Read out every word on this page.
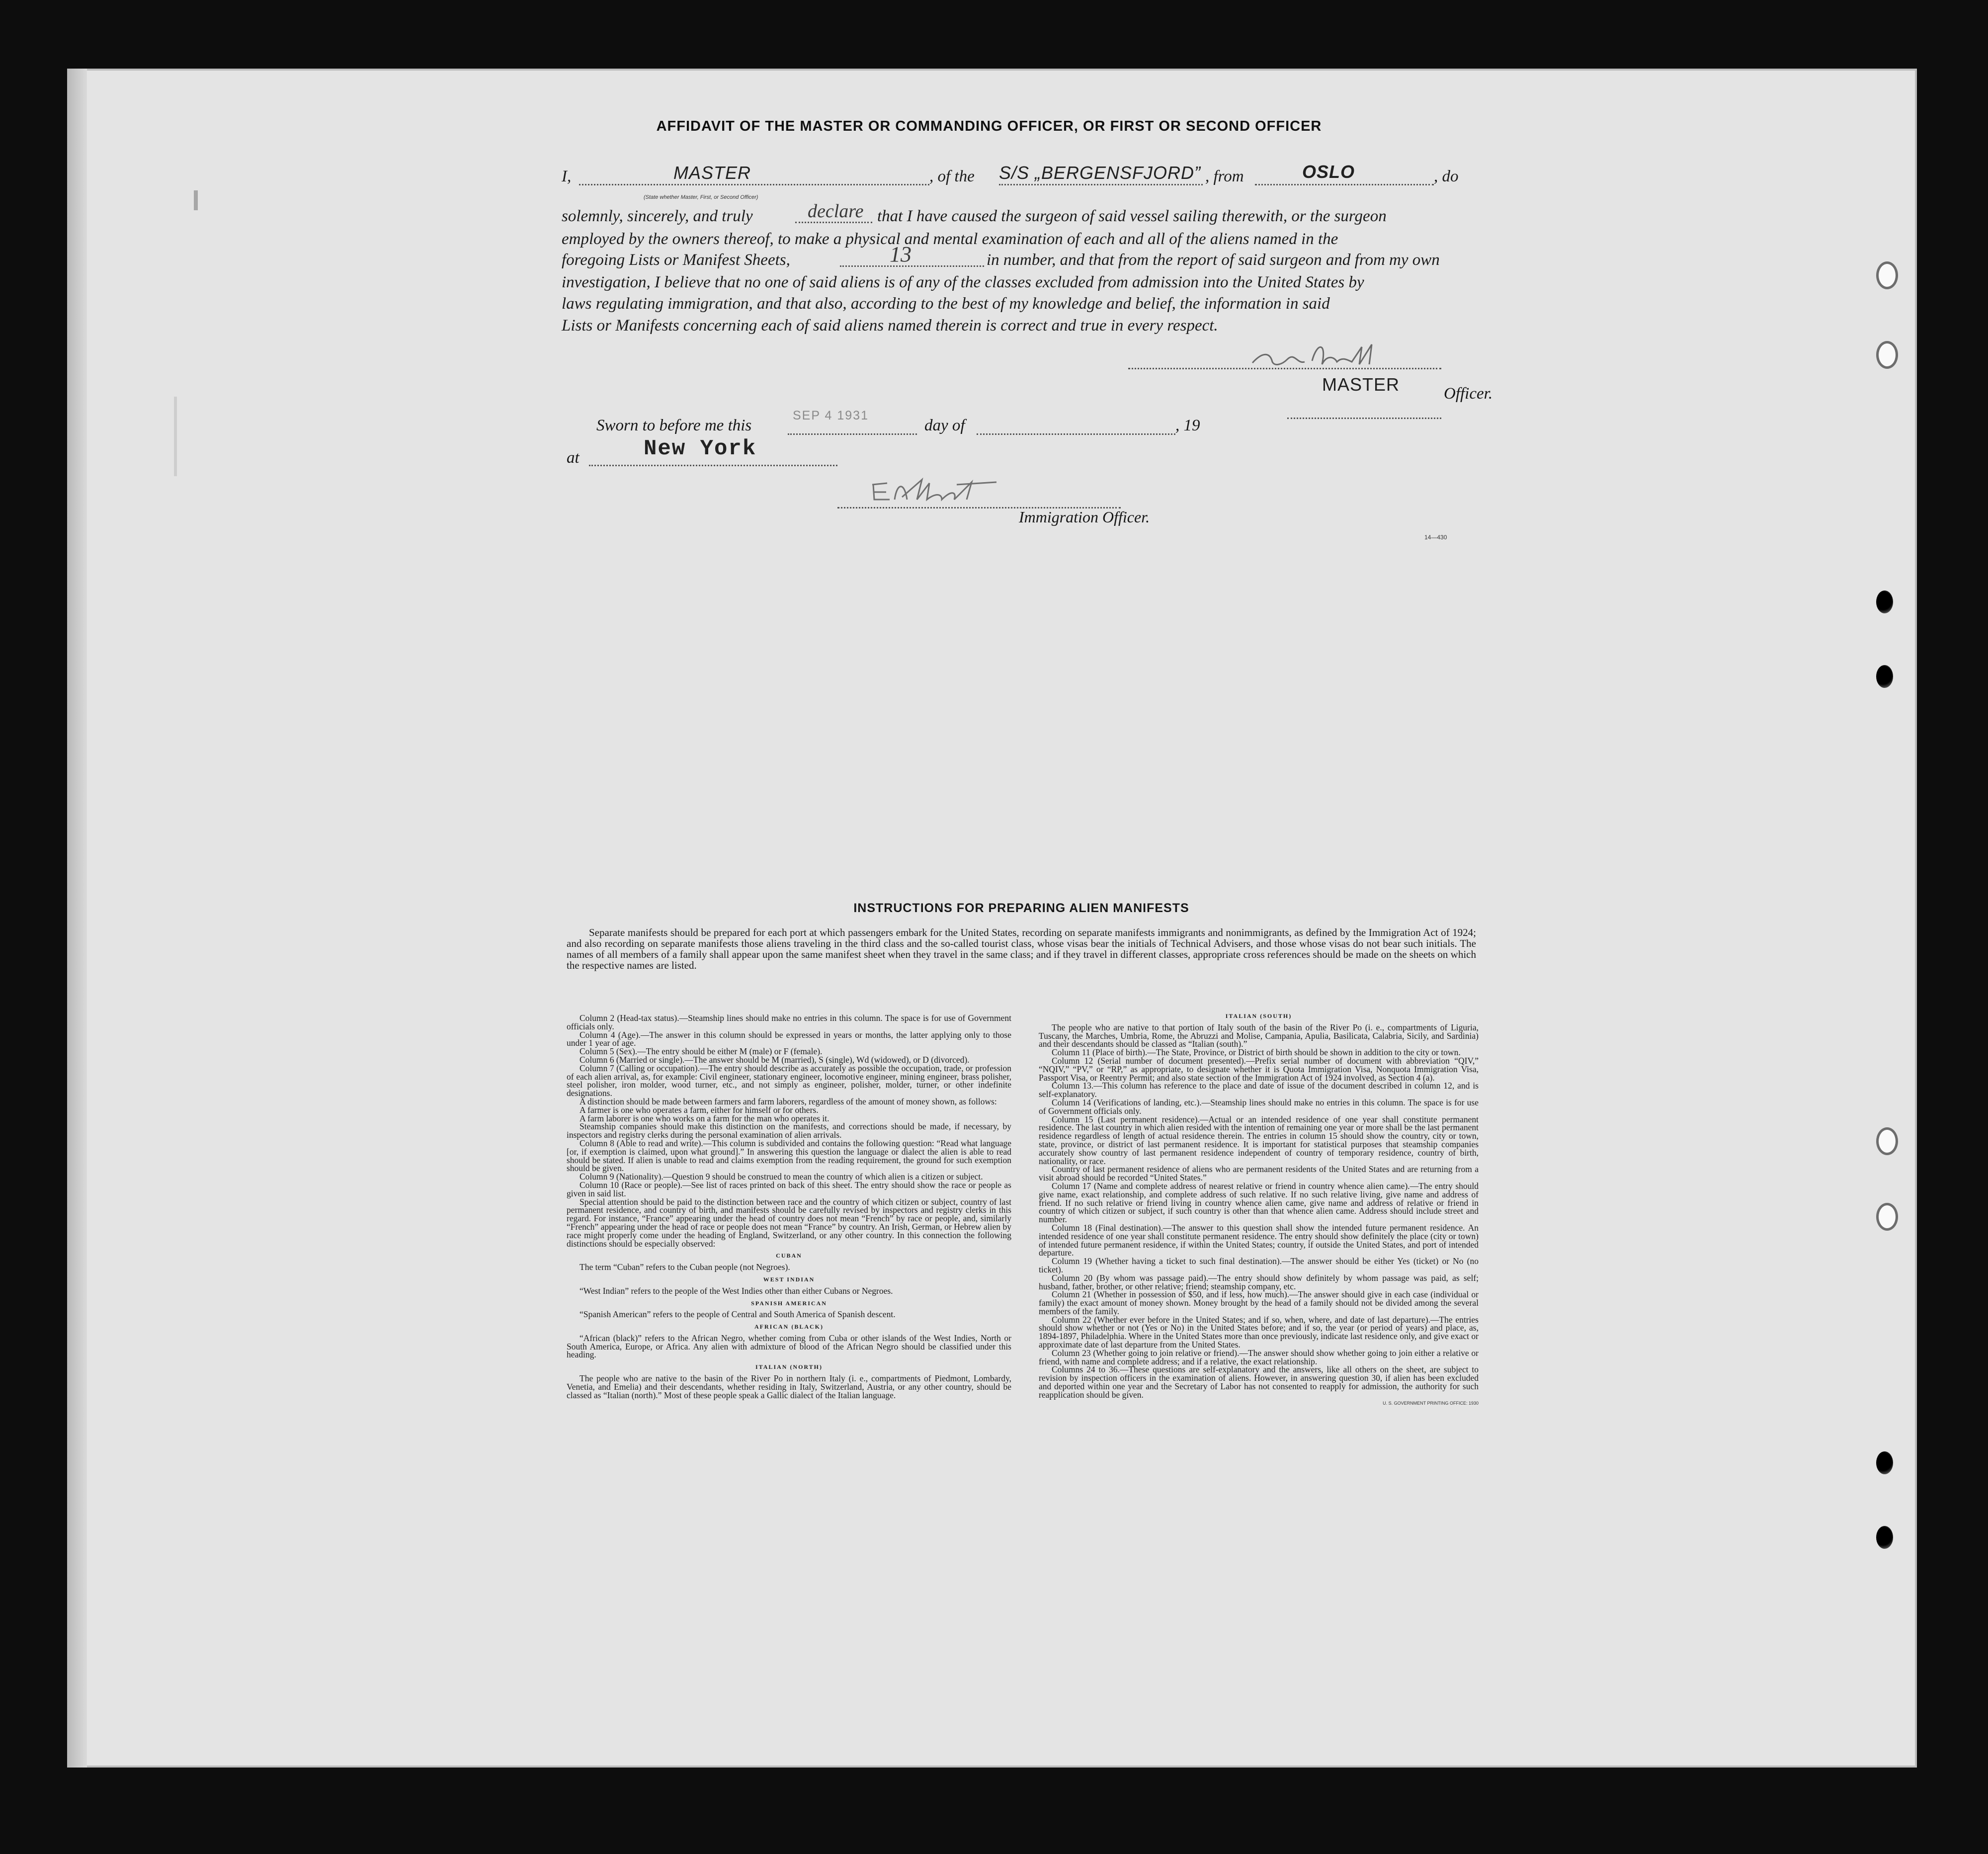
AFFIDAVIT OF THE MASTER OR COMMANDING OFFICER, OR FIRST OR SECOND OFFICER
I,	MASTER
(State whether Master, First, or Second Officer)
, of the S/S „BERGENSFJORD” , from	OSLO	, do
solemnly, sincerely, and truly	declare that I have caused the surgeon of said vessel sailing therewith, or the surgeon
employed by the owners thereof, to make a physical and mental examination of each and all of the aliens named in the
foregoing Lists or Manifest Sheets,	13	in number, and that from the report of said surgeon and from my own
investigation, I believe that no one of said aliens is of any of the classes excluded from admission into the United States by
laws regulating immigration, and that also, according to the best of my knowledge and belief, the information in said
Lists or Manifests concerning each of said aliens named therein is correct and true in every respect.
MASTER	Officer.
Sworn to before me this
SEP 4 1931
day of	, 19
at	New York
Immigration Officer.
14—430
INSTRUCTIONS FOR PREPARING ALIEN MANIFESTS
Separate manifests should be prepared for each port at which passengers embark for the United States, recording on separate manifests immigrants and nonimmigrants, as defined by the Immigration Act of 1924; and also recording on separate manifests those aliens traveling in the third class and the so-called tourist class, whose visas bear the initials of Technical Advisers, and those whose visas do not bear such initials. The names of all members of a family shall appear upon the same manifest sheet when they travel in the same class; and if they travel in different classes, appropriate cross references should be made on the sheets on which the respective names are listed.

Column 2 (Head-tax status).—Steamship lines should make no entries in this column. The space is for use of Government officials only.

Column 4 (Age).—The answer in this column should be expressed in years or months, the latter applying only to those under 1 year of age.

Column 5 (Sex).—The entry should be either M (male) or F (female).

Column 6 (Married or single).—The answer should be M (married), S (single), Wd (widowed), or D (divorced).

Column 7 (Calling or occupation).—The entry should describe as accurately as possible the occupation, trade, or profession of each alien arrival, as, for example: Civil engineer, stationary engineer, locomotive engineer, mining engineer, brass polisher, steel polisher, iron molder, wood turner, etc., and not simply as engineer, polisher, molder, turner, or other indefinite designations.

A distinction should be made between farmers and farm laborers, regardless of the amount of money shown, as follows:

A farmer is one who operates a farm, either for himself or for others.

A farm laborer is one who works on a farm for the man who operates it.

Steamship companies should make this distinction on the manifests, and corrections should be made, if necessary, by inspectors and registry clerks during the personal examination of alien arrivals.

Column 8 (Able to read and write).—This column is subdivided and contains the following question: “Read what language [or, if exemption is claimed, upon what ground].” In answering this question the language or dialect the alien is able to read should be stated. If alien is unable to read and claims exemption from the reading requirement, the ground for such exemption should be given.

Column 9 (Nationality).—Question 9 should be construed to mean the country of which alien is a citizen or subject.

Column 10 (Race or people).—See list of races printed on back of this sheet. The entry should show the race or people as given in said list.

Special attention should be paid to the distinction between race and the country of which citizen or subject, country of last permanent residence, and country of birth, and manifests should be carefully revised by inspectors and registry clerks in this regard. For instance, “France” appearing under the head of country does not mean “French” by race or people, and, similarly “French” appearing under the head of race or people does not mean “France” by country. An Irish, German, or Hebrew alien by race might properly come under the heading of England, Switzerland, or any other country. In this connection the following distinctions should be especially observed:

CUBAN

The term “Cuban” refers to the Cuban people (not Negroes).

WEST INDIAN

“West Indian” refers to the people of the West Indies other than either Cubans or Negroes.

SPANISH AMERICAN

“Spanish American” refers to the people of Central and South America of Spanish descent.

AFRICAN (BLACK)

“African (black)” refers to the African Negro, whether coming from Cuba or other islands of the West Indies, North or South America, Europe, or Africa. Any alien with admixture of blood of the African Negro should be classified under this heading.

ITALIAN (NORTH)

The people who are native to the basin of the River Po in northern Italy (i. e., compartments of Piedmont, Lombardy, Venetia, and Emelia) and their descendants, whether residing in Italy, Switzerland, Austria, or any other country, should be classed as “Italian (north).” Most of these people speak a Gallic dialect of the Italian language.

ITALIAN (SOUTH)

The people who are native to that portion of Italy south of the basin of the River Po (i. e., compartments of Liguria, Tuscany, the Marches, Umbria, Rome, the Abruzzi and Molise, Campania, Apulia, Basilicata, Calabria, Sicily, and Sardinia) and their descendants should be classed as “Italian (south).”

Column 11 (Place of birth).—The State, Province, or District of birth should be shown in addition to the city or town.

Column 12 (Serial number of document presented).—Prefix serial number of document with abbreviation “QIV,” “NQIV,” “PV,” or “RP,” as appropriate, to designate whether it is Quota Immigration Visa, Nonquota Immigration Visa, Passport Visa, or Reentry Permit; and also state section of the Immigration Act of 1924 involved, as Section 4 (a).

Column 13.—This column has reference to the place and date of issue of the document described in column 12, and is self-explanatory.

Column 14 (Verifications of landing, etc.).—Steamship lines should make no entries in this column. The space is for use of Government officials only.

Column 15 (Last permanent residence).—Actual or an intended residence of one year shall constitute permanent residence. The last country in which alien resided with the intention of remaining one year or more shall be the last permanent residence regardless of length of actual residence therein. The entries in column 15 should show the country, city or town, state, province, or district of last permanent residence. It is important for statistical purposes that steamship companies accurately show country of last permanent residence independent of country of temporary residence, country of birth, nationality, or race.

Country of last permanent residence of aliens who are permanent residents of the United States and are returning from a visit abroad should be recorded “United States.”

Column 17 (Name and complete address of nearest relative or friend in country whence alien came).—The entry should give name, exact relationship, and complete address of such relative. If no such relative living, give name and address of friend. If no such relative or friend living in country whence alien came, give name and address of relative or friend in country of which citizen or subject, if such country is other than that whence alien came. Address should include street and number.

Column 18 (Final destination).—The answer to this question shall show the intended future permanent residence. An intended residence of one year shall constitute permanent residence. The entry should show definitely the place (city or town) of intended future permanent residence, if within the United States; country, if outside the United States, and port of intended departure.

Column 19 (Whether having a ticket to such final destination).—The answer should be either Yes (ticket) or No (no ticket).

Column 20 (By whom was passage paid).—The entry should show definitely by whom passage was paid, as self; husband, father, brother, or other relative; friend; steamship company, etc.

Column 21 (Whether in possession of $50, and if less, how much).—The answer should give in each case (individual or family) the exact amount of money shown. Money brought by the head of a family should not be divided among the several members of the family.

Column 22 (Whether ever before in the United States; and if so, when, where, and date of last departure).—The entries should show whether or not (Yes or No) in the United States before; and if so, the year (or period of years) and place, as, 1894-1897, Philadelphia. Where in the United States more than once previously, indicate last residence only, and give exact or approximate date of last departure from the United States.

Column 23 (Whether going to join relative or friend).—The answer should show whether going to join either a relative or friend, with name and complete address; and if a relative, the exact relationship.

Columns 24 to 36.—These questions are self-explanatory and the answers, like all others on the sheet, are subject to revision by inspection officers in the examination of aliens. However, in answering question 30, if alien has been excluded and deported within one year and the Secretary of Labor has not consented to reapply for admission, the authority for such reapplication should be given.

U. S. GOVERNMENT PRINTING OFFICE: 1930
